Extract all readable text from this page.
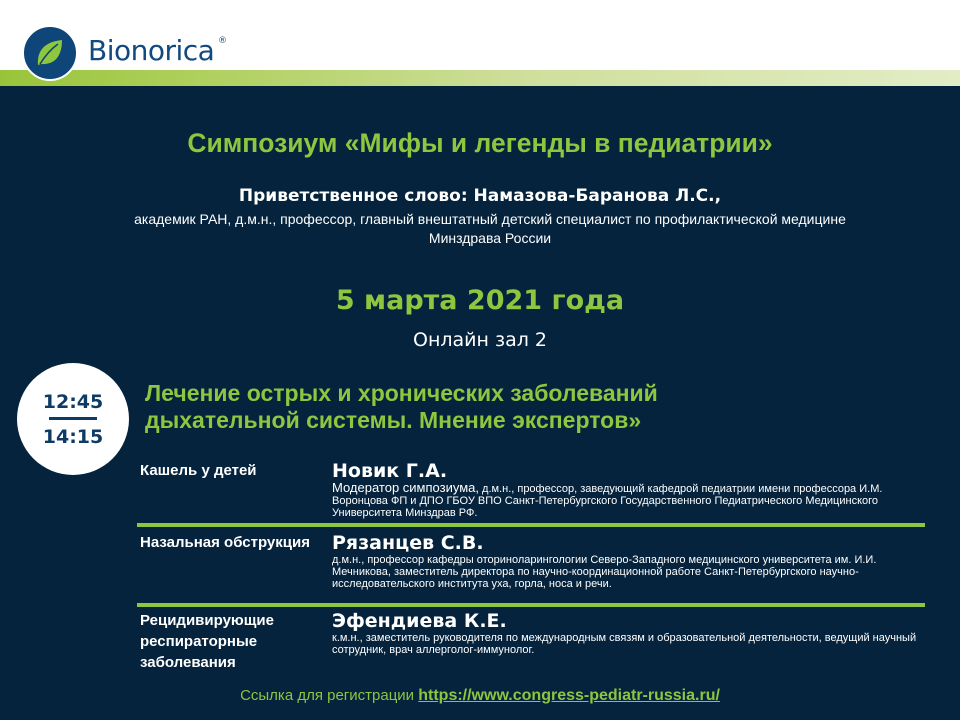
Bionorica ®
Симпозиум «Мифы и легенды в педиатрии»
Приветственное слово: Намазова-Баранова Л.С.,
академик РАН, д.м.н., профессор, главный внештатный детский специалист по профилактической медицине Минздрава России
5 марта 2021 года
Онлайн зал 2
12:45
14:15
Лечение острых и хронических заболеваний
дыхательной системы. Мнение экспертов»
Кашель у детей	Новик Г.А.
Модератор симпозиума, д.м.н., профессор, заведующий кафедрой педиатрии имени профессора И.М. Воронцова ФП и ДПО ГБОУ ВПО Санкт-Петербургского Государственного Педиатрического Медицинского Университета Минздрав РФ.
Назальная обструкция	Рязанцев С.В.
д.м.н., профессор кафедры оториноларингологии Северо-Западного медицинского университета им. И.И. Мечникова, заместитель директора по научно-координационной работе Санкт-Петербургского научно-исследовательского института уха, горла, носа и речи.
Рецидивирующие респираторные заболевания
Эфендиева К.Е.
к.м.н., заместитель руководителя по международным связям и образовательной деятельности, ведущий научный сотрудник, врач аллерголог-иммунолог.
Ссылка для регистрации https://www.congress-pediatr-russia.ru/
